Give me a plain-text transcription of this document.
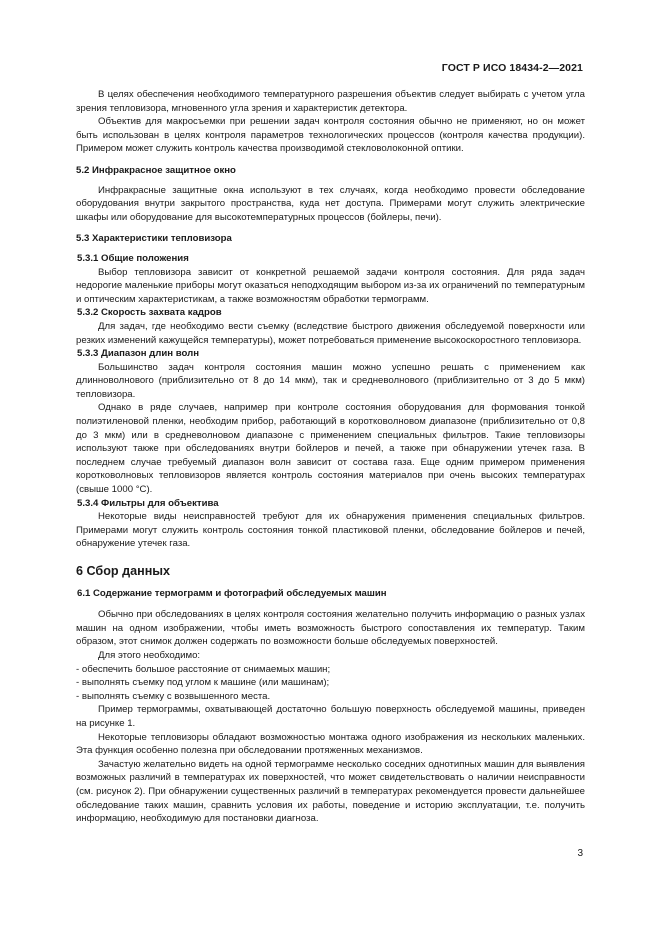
ГОСТ Р ИСО 18434-2—2021

В целях обеспечения необходимого температурного разрешения объектив следует выбирать с учетом угла зрения тепловизора, мгновенного угла зрения и характеристик детектора.

Объектив для макросъемки при решении задач контроля состояния обычно не применяют, но он может быть использован в целях контроля параметров технологических процессов (контроля качества продукции). Примером может служить контроль качества производимой стекловолоконной оптики.

5.2 Инфракрасное защитное окно

Инфракрасные защитные окна используют в тех случаях, когда необходимо провести обследование оборудования внутри закрытого пространства, куда нет доступа. Примерами могут служить электрические шкафы или оборудование для высокотемпературных процессов (бойлеры, печи).

5.3 Характеристики тепловизора

5.3.1 Общие положения

Выбор тепловизора зависит от конкретной решаемой задачи контроля состояния. Для ряда задач недорогие маленькие приборы могут оказаться неподходящим выбором из-за их ограничений по температурным и оптическим характеристикам, а также возможностям обработки термограмм.

5.3.2 Скорость захвата кадров

Для задач, где необходимо вести съемку (вследствие быстрого движения обследуемой поверхности или резких изменений кажущейся температуры), может потребоваться применение высокоскоростного тепловизора.

5.3.3 Диапазон длин волн

Большинство задач контроля состояния машин можно успешно решать с применением как длинноволнового (приблизительно от 8 до 14 мкм), так и средневолнового (приблизительно от 3 до 5 мкм) тепловизора.

Однако в ряде случаев, например при контроле состояния оборудования для формования тонкой полиэтиленовой пленки, необходим прибор, работающий в коротковолновом диапазоне (приблизительно от 0,8 до 3 мкм) или в средневолновом диапазоне с применением специальных фильтров. Такие тепловизоры используют также при обследованиях внутри бойлеров и печей, а также при обнаружении утечек газа. В последнем случае требуемый диапазон волн зависит от состава газа. Еще одним примером применения коротковолновых тепловизоров является контроль состояния материалов при очень высоких температурах (свыше 1000 °C).

5.3.4 Фильтры для объектива

Некоторые виды неисправностей требуют для их обнаружения применения специальных фильтров. Примерами могут служить контроль состояния тонкой пластиковой пленки, обследование бойлеров и печей, обнаружение утечек газа.

6 Сбор данных

6.1 Содержание термограмм и фотографий обследуемых машин

Обычно при обследованиях в целях контроля состояния желательно получить информацию о разных узлах машин на одном изображении, чтобы иметь возможность быстрого сопоставления их температур. Таким образом, этот снимок должен содержать по возможности больше обследуемых поверхностей.

Для этого необходимо:

- обеспечить большое расстояние от снимаемых машин;

- выполнять съемку под углом к машине (или машинам);

- выполнять съемку с возвышенного места.

Пример термограммы, охватывающей достаточно большую поверхность обследуемой машины, приведен на рисунке 1.

Некоторые тепловизоры обладают возможностью монтажа одного изображения из нескольких маленьких. Эта функция особенно полезна при обследовании протяженных механизмов.

Зачастую желательно видеть на одной термограмме несколько соседних однотипных машин для выявления возможных различий в температурах их поверхностей, что может свидетельствовать о наличии неисправности (см. рисунок 2). При обнаружении существенных различий в температурах рекомендуется провести дальнейшее обследование таких машин, сравнить условия их работы, поведение и историю эксплуатации, т.е. получить информацию, необходимую для постановки диагноза.

3
